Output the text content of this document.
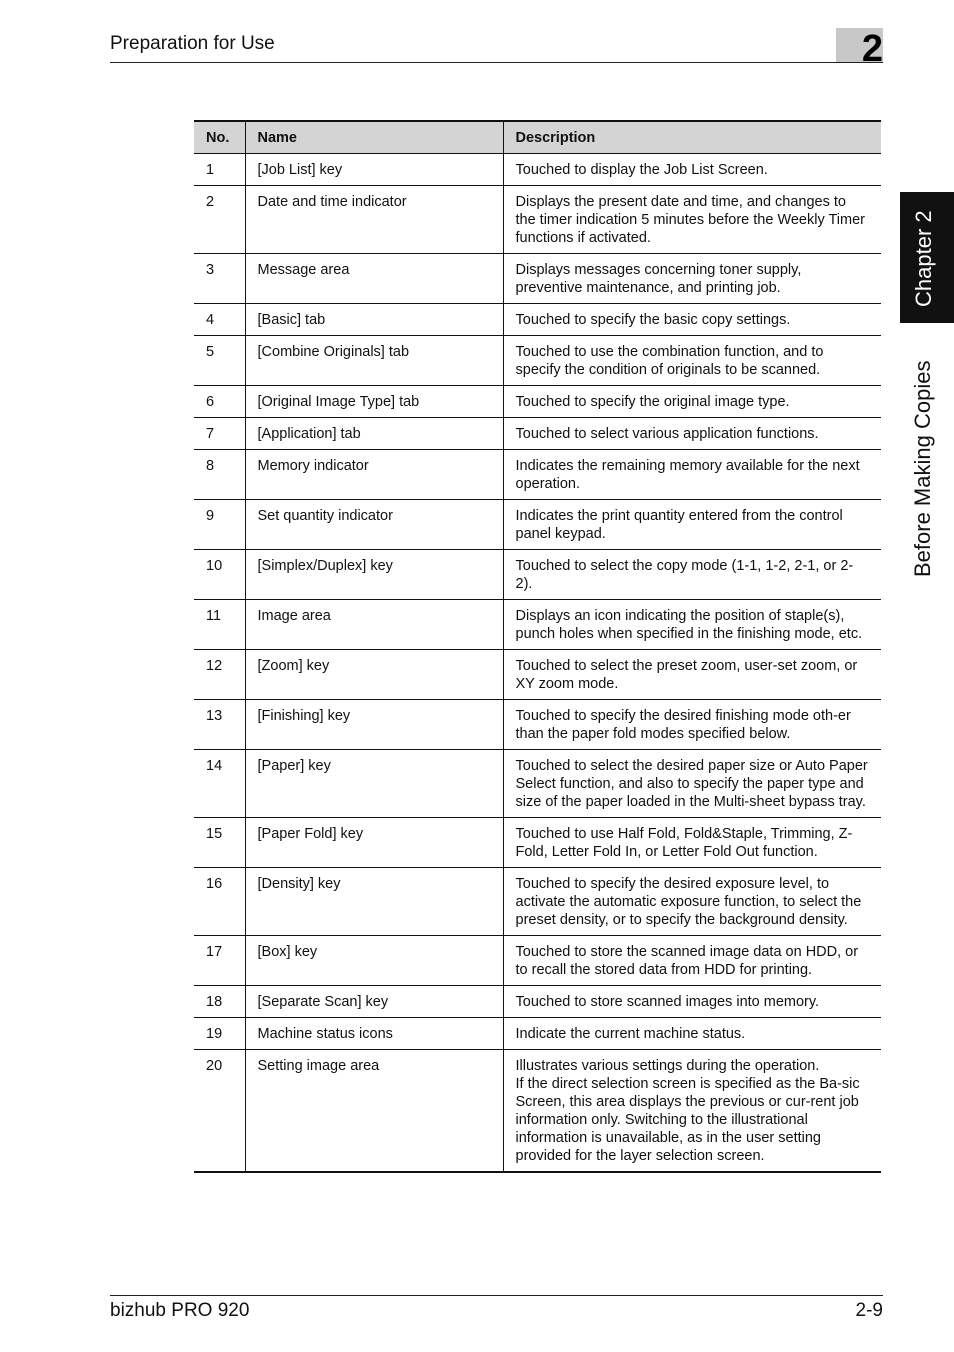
Preparation for Use	2
Chapter 2
Before Making Copies
No.	Name	Description
1	[Job List] key	Touched to display the Job List Screen.
2	Date and time indicator	Displays the present date and time, and changes to the timer indication 5 minutes before the Weekly Timer functions if activated.
3	Message area	Displays messages concerning toner supply, preventive maintenance, and printing job.
4	[Basic] tab	Touched to specify the basic copy settings.
5	[Combine Originals] tab	Touched to use the combination function, and to specify the condition of originals to be scanned.
6	[Original Image Type] tab	Touched to specify the original image type.
7	[Application] tab	Touched to select various application functions.
8	Memory indicator	Indicates the remaining memory available for the next operation.
9	Set quantity indicator	Indicates the print quantity entered from the control panel keypad.
10	[Simplex/Duplex] key	Touched to select the copy mode (1-1, 1-2, 2-1, or 2-2).
11	Image area	Displays an icon indicating the position of staple(s), punch holes when specified in the finishing mode, etc.
12	[Zoom] key	Touched to select the preset zoom, user-set zoom, or XY zoom mode.
13	[Finishing] key	Touched to specify the desired finishing mode oth-er than the paper fold modes specified below.
14	[Paper] key	Touched to select the desired paper size or Auto Paper Select function, and also to specify the paper type and size of the paper loaded in the Multi-sheet bypass tray.
15	[Paper Fold] key	Touched to use Half Fold, Fold&Staple, Trimming, Z-Fold, Letter Fold In, or Letter Fold Out function.
16	[Density] key	Touched to specify the desired exposure level, to activate the automatic exposure function, to select the preset density, or to specify the background density.
17	[Box] key	Touched to store the scanned image data on HDD, or to recall the stored data from HDD for printing.
18	[Separate Scan] key	Touched to store scanned images into memory.
19	Machine status icons	Indicate the current machine status.
20	Setting image area	Illustrates various settings during the operation.
If the direct selection screen is specified as the Ba-sic Screen, this area displays the previous or cur-rent job information only. Switching to the illustrational information is unavailable, as in the user setting provided for the layer selection screen.
bizhub PRO 920	2-9
